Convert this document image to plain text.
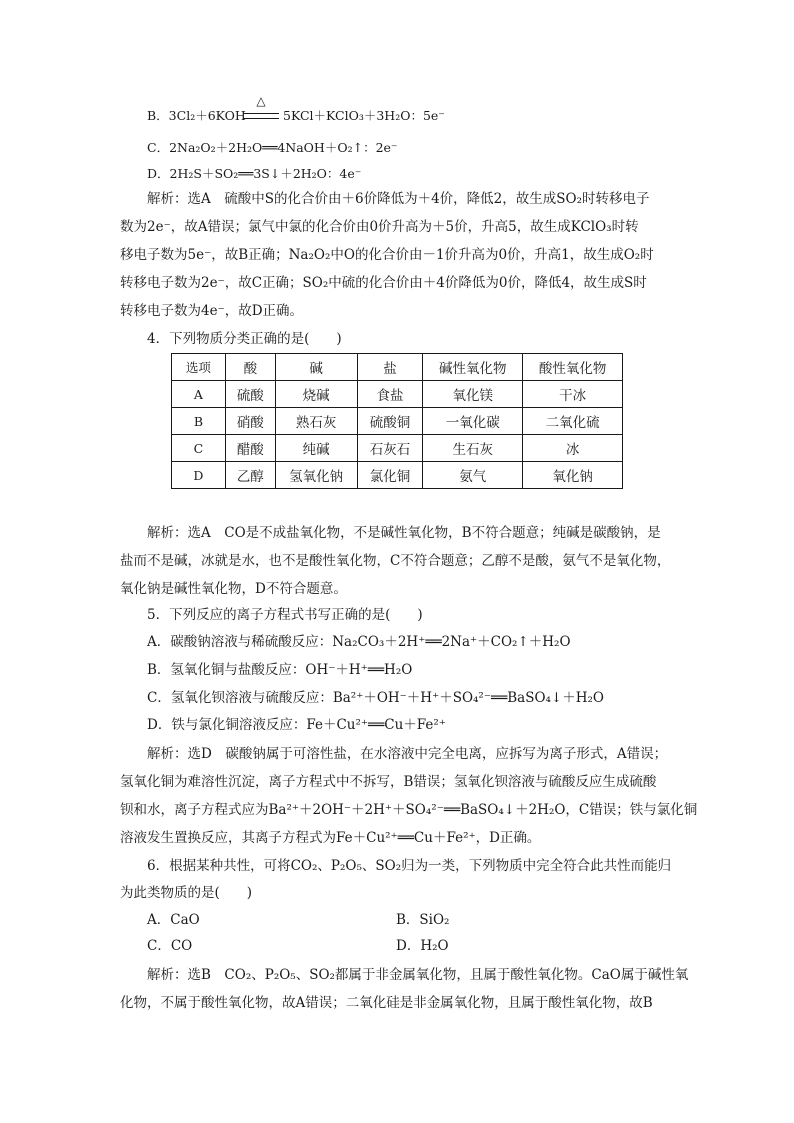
B．3Cl₂＋6KOH
△
5KCl＋KClO₃＋3H₂O：5e⁻
C．2Na₂O₂＋2H₂O══4NaOH＋O₂↑：2e⁻
D．2H₂S＋SO₂══3S↓＋2H₂O：4e⁻
解析：选A　硫酸中S的化合价由＋6价降低为＋4价，降低2，故生成SO₂时转移电子
数为2e⁻，故A错误；氯气中氯的化合价由0价升高为＋5价，升高5，故生成KClO₃时转
移电子数为5e⁻，故B正确；Na₂O₂中O的化合价由－1价升高为0价，升高1，故生成O₂时
转移电子数为2e⁻，故C正确；SO₂中硫的化合价由＋4价降低为0价，降低4，故生成S时
转移电子数为4e⁻，故D正确。
4．下列物质分类正确的是(　　)
选项	酸	碱	盐	碱性氧化物	酸性氧化物
A	硫酸	烧碱	食盐	氧化镁	干冰
B	硝酸	熟石灰	硫酸铜	一氧化碳	二氧化硫
C	醋酸	纯碱	石灰石	生石灰	冰
D	乙醇	氢氧化钠	氯化铜	氨气	氧化钠
解析：选A　CO是不成盐氧化物，不是碱性氧化物，B不符合题意；纯碱是碳酸钠，是
盐而不是碱，冰就是水，也不是酸性氧化物，C不符合题意；乙醇不是酸，氨气不是氧化物，
氧化钠是碱性氧化物，D不符合题意。
5．下列反应的离子方程式书写正确的是(　　)
A．碳酸钠溶液与稀硫酸反应：Na₂CO₃＋2H⁺══2Na⁺＋CO₂↑＋H₂O
B．氢氧化铜与盐酸反应：OH⁻＋H⁺══H₂O
C．氢氧化钡溶液与硫酸反应：Ba²⁺＋OH⁻＋H⁺＋SO₄²⁻══BaSO₄↓＋H₂O
D．铁与氯化铜溶液反应：Fe＋Cu²⁺══Cu＋Fe²⁺
解析：选D　碳酸钠属于可溶性盐，在水溶液中完全电离，应拆写为离子形式，A错误；
氢氧化铜为难溶性沉淀，离子方程式中不拆写，B错误；氢氧化钡溶液与硫酸反应生成硫酸
钡和水，离子方程式应为Ba²⁺＋2OH⁻＋2H⁺＋SO₄²⁻══BaSO₄↓＋2H₂O，C错误；铁与氯化铜
溶液发生置换反应，其离子方程式为Fe＋Cu²⁺══Cu＋Fe²⁺，D正确。
6．根据某种共性，可将CO₂、P₂O₅、SO₂归为一类，下列物质中完全符合此共性而能归
为此类物质的是(　　)
A．CaO	B．SiO₂
C．CO	D．H₂O
解析：选B　CO₂、P₂O₅、SO₂都属于非金属氧化物，且属于酸性氧化物。CaO属于碱性氧
化物，不属于酸性氧化物，故A错误；二氧化硅是非金属氧化物，且属于酸性氧化物，故B
